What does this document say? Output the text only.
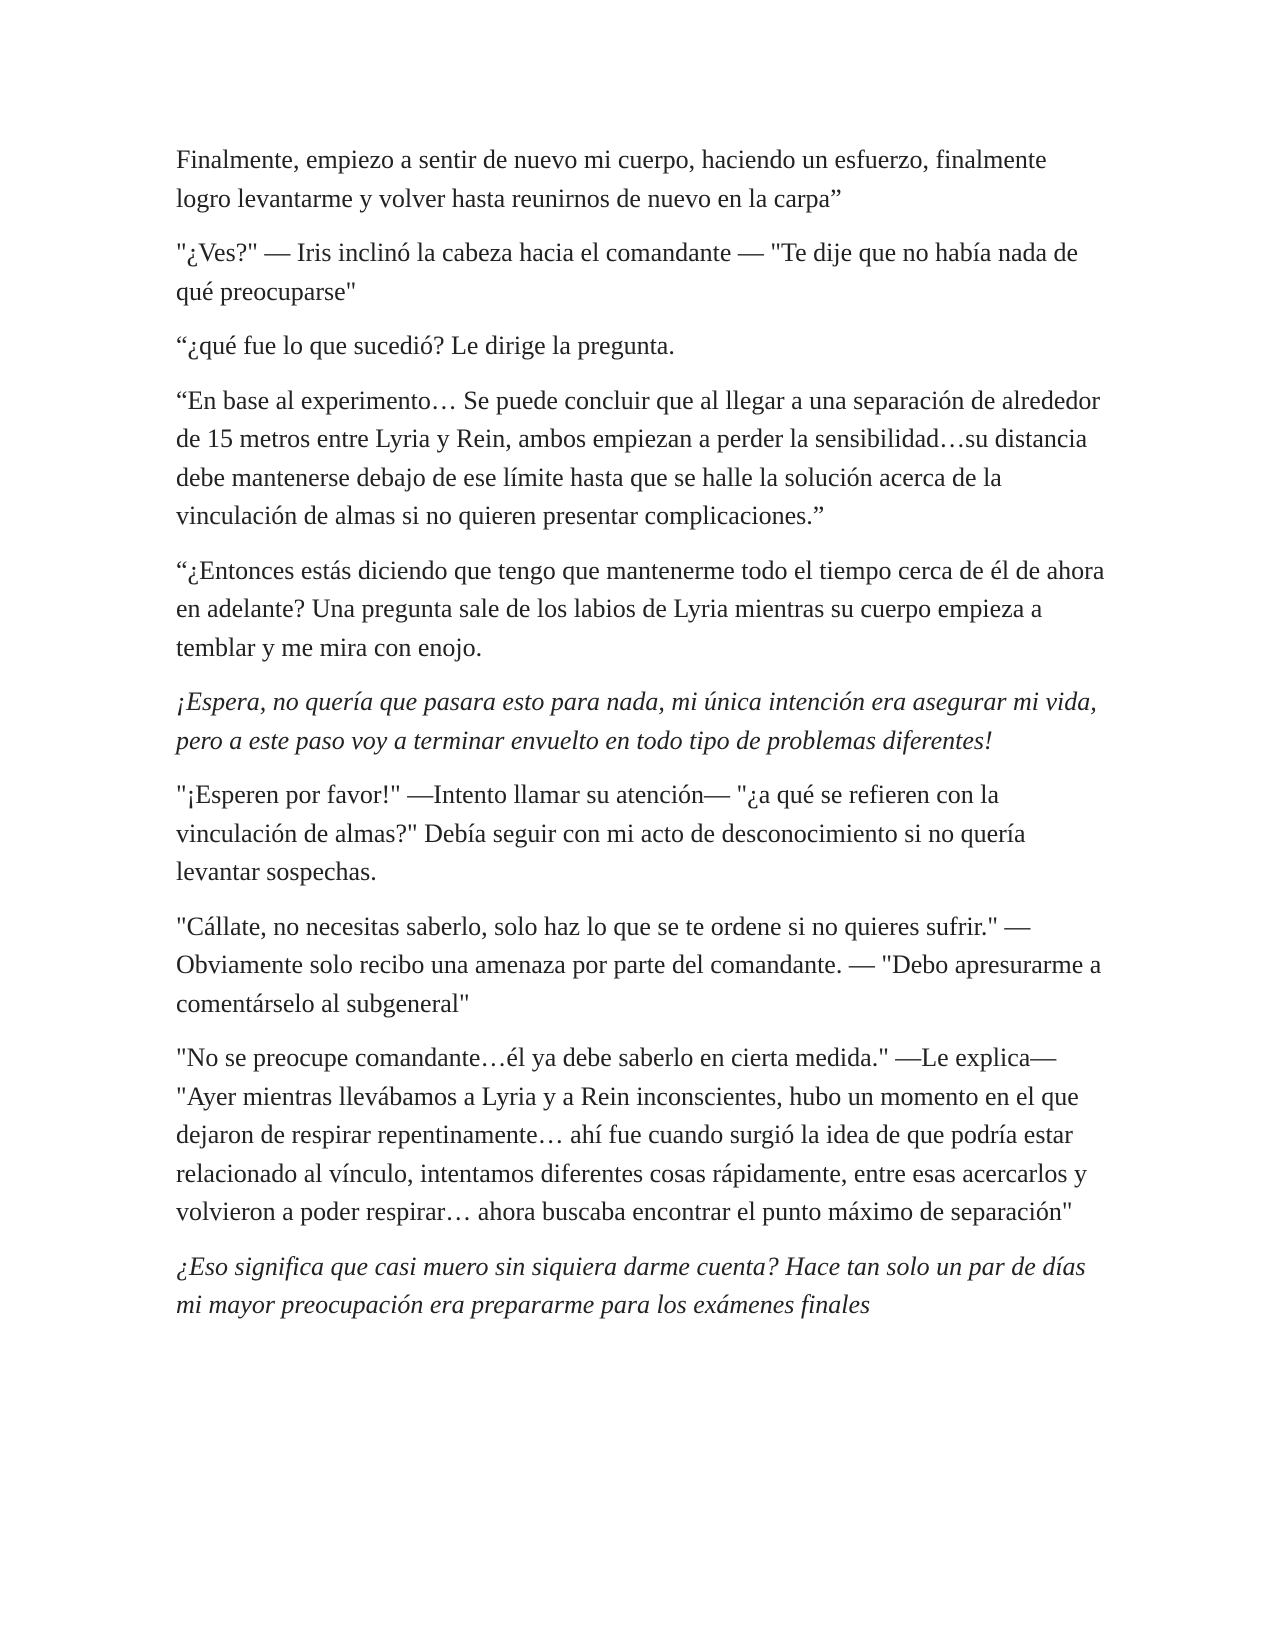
Finalmente, empiezo a sentir de nuevo mi cuerpo, haciendo un esfuerzo, finalmente logro levantarme y volver hasta reunirnos de nuevo en la carpa”

"¿Ves?" — Iris inclinó la cabeza hacia el comandante — "Te dije que no había nada de qué preocuparse"

“¿qué fue lo que sucedió? Le dirige la pregunta.

“En base al experimento… Se puede concluir que al llegar a una separación de alrededor de 15 metros entre Lyria y Rein, ambos empiezan a perder la sensibilidad…su distancia debe mantenerse debajo de ese límite hasta que se halle la solución acerca de la vinculación de almas si no quieren presentar complicaciones.”

“¿Entonces estás diciendo que tengo que mantenerme todo el tiempo cerca de él de ahora en adelante? Una pregunta sale de los labios de Lyria mientras su cuerpo empieza a temblar y me mira con enojo.

¡Espera, no quería que pasara esto para nada, mi única intención era asegurar mi vida, pero a este paso voy a terminar envuelto en todo tipo de problemas diferentes!

"¡Esperen por favor!" —Intento llamar su atención— "¿a qué se refieren con la vinculación de almas?" Debía seguir con mi acto de desconocimiento si no quería levantar sospechas.

"Cállate, no necesitas saberlo, solo haz lo que se te ordene si no quieres sufrir." —Obviamente solo recibo una amenaza por parte del comandante. — "Debo apresurarme a comentárselo al subgeneral"

"No se preocupe comandante…él ya debe saberlo en cierta medida." —Le explica— "Ayer mientras llevábamos a Lyria y a Rein inconscientes, hubo un momento en el que dejaron de respirar repentinamente… ahí fue cuando surgió la idea de que podría estar relacionado al vínculo, intentamos diferentes cosas rápidamente, entre esas acercarlos y volvieron a poder respirar… ahora buscaba encontrar el punto máximo de separación"

¿Eso significa que casi muero sin siquiera darme cuenta? Hace tan solo un par de días mi mayor preocupación era prepararme para los exámenes finales
